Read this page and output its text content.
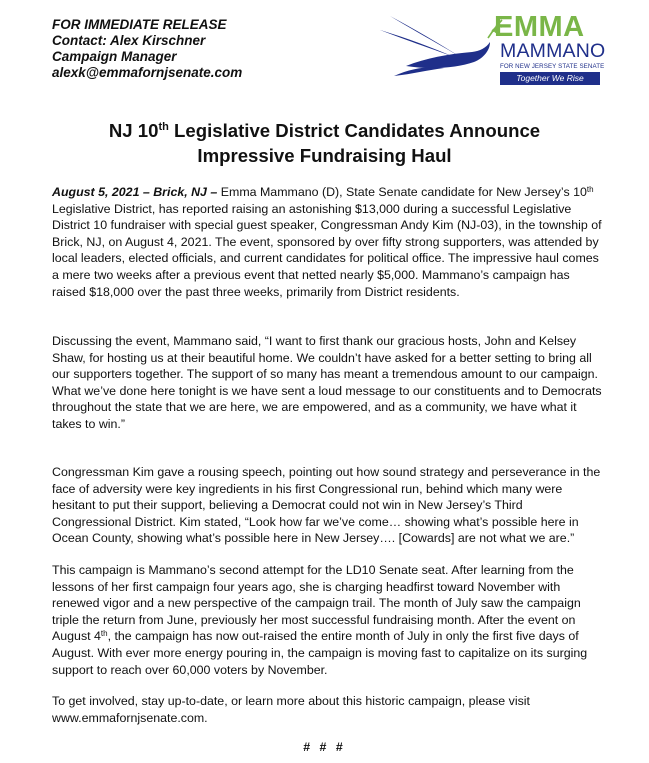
FOR IMMEDIATE RELEASE
Contact: Alex Kirschner
Campaign Manager
alexk@emmafornjsenate.com
EMMA
MAMMANO
FOR NEW JERSEY STATE SENATE
Together We Rise
NJ 10th Legislative District Candidates Announce
Impressive Fundraising Haul

August 5, 2021 – Brick, NJ – Emma Mammano (D), State Senate candidate for New Jersey’s 10th Legislative District, has reported raising an astonishing $13,000 during a successful Legislative District 10 fundraiser with special guest speaker, Congressman Andy Kim (NJ-03), in the township of Brick, NJ, on August 4, 2021. The event, sponsored by over fifty strong supporters, was attended by local leaders, elected officials, and current candidates for political office. The impressive haul comes a mere two weeks after a previous event that netted nearly $5,000. Mammano’s campaign has raised $18,000 over the past three weeks, primarily from District residents.

Discussing the event, Mammano said, “I want to first thank our gracious hosts, John and Kelsey Shaw, for hosting us at their beautiful home. We couldn’t have asked for a better setting to bring all our supporters together. The support of so many has meant a tremendous amount to our campaign. What we’ve done here tonight is we have sent a loud message to our constituents and to Democrats throughout the state that we are here, we are empowered, and as a community, we have what it takes to win.”

Congressman Kim gave a rousing speech, pointing out how sound strategy and perseverance in the face of adversity were key ingredients in his first Congressional run, behind which many were hesitant to put their support, believing a Democrat could not win in New Jersey’s Third Congressional District. Kim stated, “Look how far we’ve come… showing what’s possible here in Ocean County, showing what’s possible here in New Jersey…. [Cowards] are not what we are.”

This campaign is Mammano’s second attempt for the LD10 Senate seat. After learning from the lessons of her first campaign four years ago, she is charging headfirst toward November with renewed vigor and a new perspective of the campaign trail. The month of July saw the campaign triple the return from June, previously her most successful fundraising month. After the event on August 4th, the campaign has now out-raised the entire month of July in only the first five days of August. With ever more energy pouring in, the campaign is moving fast to capitalize on its surging support to reach over 60,000 voters by November.

To get involved, stay up-to-date, or learn more about this historic campaign, please visit www.emmafornjsenate.com.

# # #
